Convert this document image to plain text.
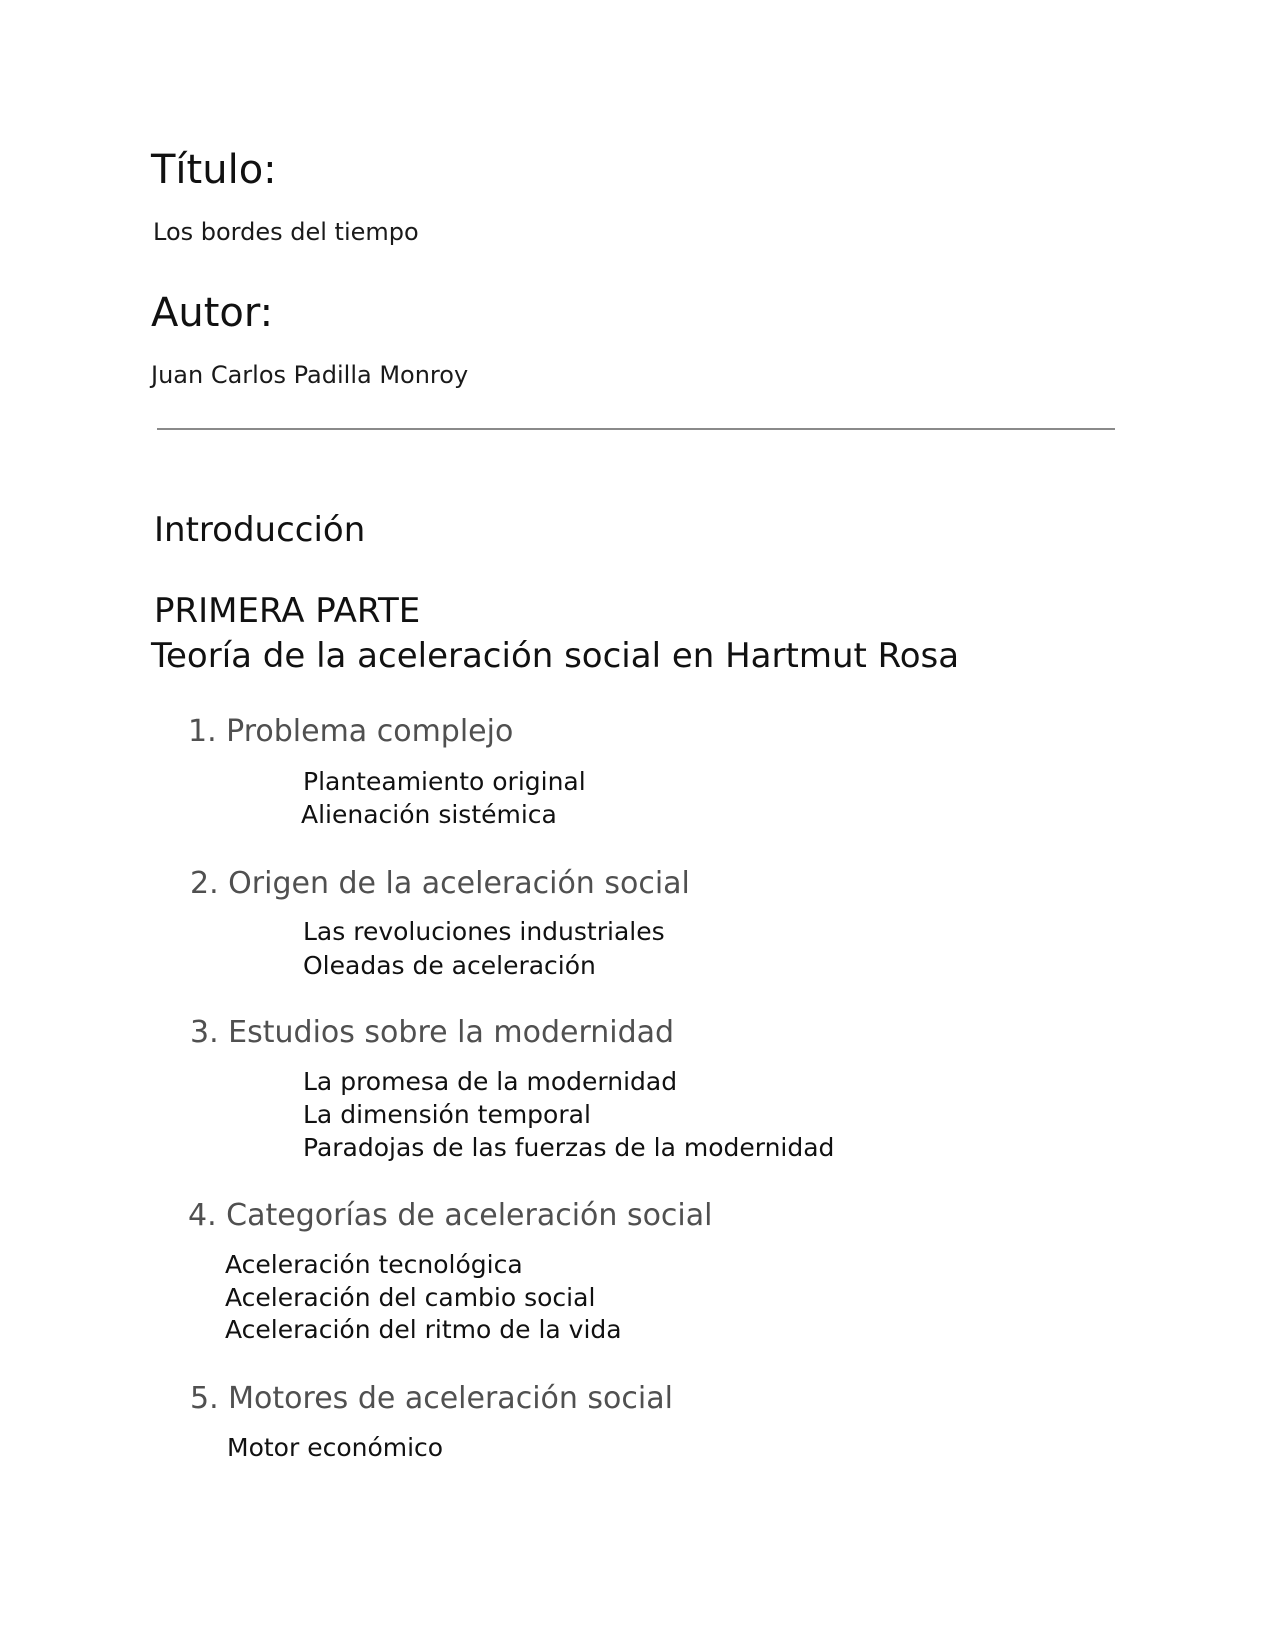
Título:

Los bordes del tiempo

Autor:

Juan Carlos Padilla Monroy

Introducción

PRIMERA PARTE

Teoría de la aceleración social en Hartmut Rosa

1. Problema complejo

Planteamiento original

Alienación sistémica

2. Origen de la aceleración social

Las revoluciones industriales

Oleadas de aceleración

3. Estudios sobre la modernidad

La promesa de la modernidad

La dimensión temporal

Paradojas de las fuerzas de la modernidad

4. Categorías de aceleración social

Aceleración tecnológica

Aceleración del cambio social

Aceleración del ritmo de la vida

5. Motores de aceleración social

Motor económico
